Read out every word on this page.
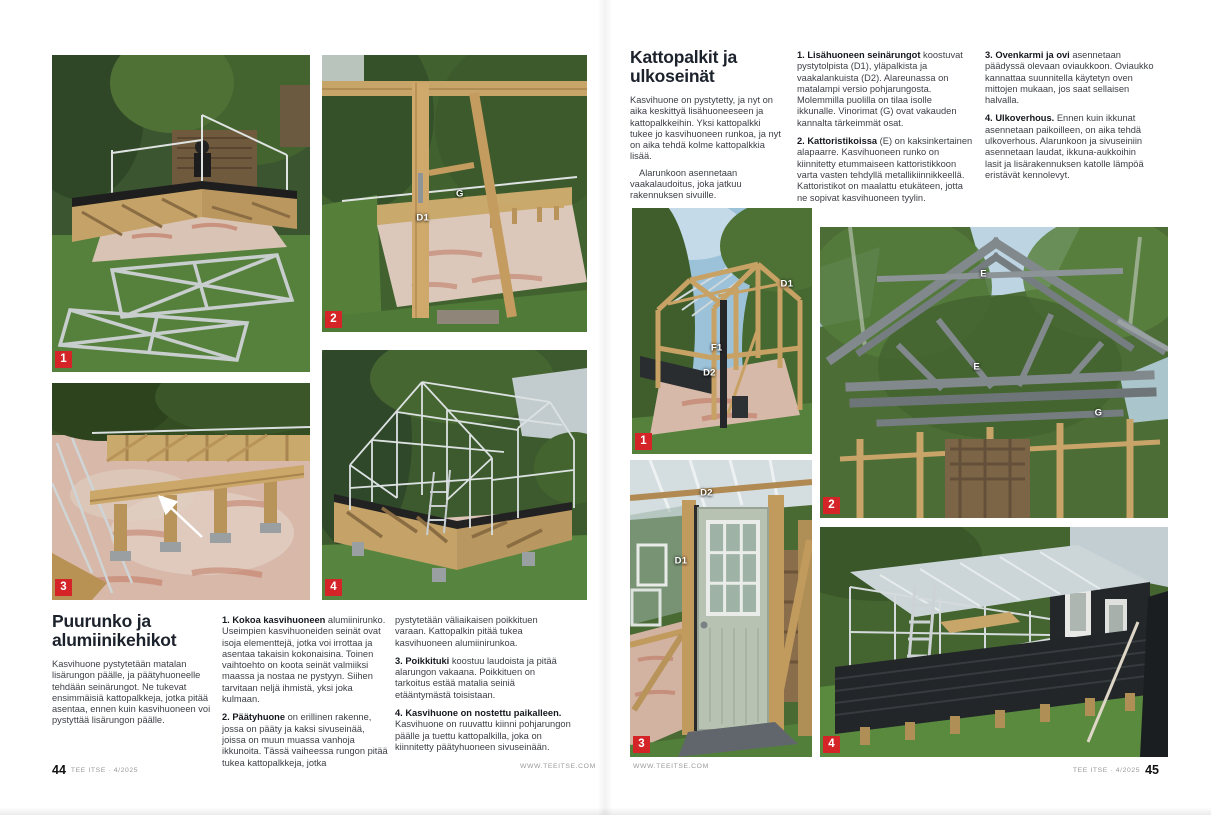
1
G
D1
2
3	4
Puurunko ja
alumiinikehikot

Kasvihuone pystytetään matalan lisärungon päälle, ja päätyhuoneelle tehdään seinärungot. Ne tukevat ensimmäisiä kattopalkkeja, jotka pitää asentaa, ennen kuin kasvihuoneen voi pystyttää lisärungon päälle.

1. Kokoa kasvihuoneen alumiinirunko. Useimpien kasvihuoneiden seinät ovat isoja elementtejä, jotka voi irrottaa ja asentaa takaisin kokonaisina. Toinen vaihtoehto on koota seinät valmiiksi maassa ja nostaa ne pystyyn. Siihen tarvitaan neljä ihmistä, yksi joka kulmaan.

2. Päätyhuone on erillinen rakenne, jossa on pääty ja kaksi sivuseinää, joissa on muun muassa vanhoja ikkunoita. Tässä vaiheessa rungon pitää tukea kattopalkkeja, jotka

pystytetään väliaikaisen poikkituen varaan. Kattopalkin pitää tukea kasvihuoneen alumiinirunkoa.

3. Poikkituki koostuu laudoista ja pitää alarungon vakaana. Poikkituen on tarkoitus estää matalia seiniä etääntymästä toisistaan.

4. Kasvihuone on nostettu paikalleen. Kasvihuone on ruuvattu kiinni pohjarungon päälle ja tuettu kattopalkilla, joka on kiinnitetty päätyhuoneen sivuseinään.

44 TEE ITSE · 4/2025
WWW.TEEITSE.COM
Kattopalkit ja
ulkoseinät

Kasvihuone on pystytetty, ja nyt on aika keskittyä lisähuoneeseen ja kattopalkkeihin. Yksi kattopalkki tukee jo kasvihuoneen runkoa, ja nyt on aika tehdä kolme kattopalkkia lisää.

Alarunkoon asennetaan vaakalaudoitus, joka jatkuu rakennuksen sivuille.

1. Lisähuoneen seinärungot koostuvat pystytolpista (D1), yläpalkista ja vaakalankuista (D2). Alareunassa on matalampi versio pohjarungosta. Molemmilla puolilla on tilaa isolle ikkunalle. Vinorimat (G) ovat vakauden kannalta tärkeimmät osat.

2. Kattoristikoissa (E) on kaksinkertainen alapaarre. Kasvihuoneen runko on kiinnitetty etummaiseen kattoristikkoon varta vasten tehdyllä metallikiinnikkeellä. Kattoristikot on maalattu etukäteen, jotta ne sopivat kasvihuoneen tyylin.

3. Ovenkarmi ja ovi asennetaan päädyssä olevaan oviaukkoon. Oviaukko kannattaa suunnitella käytetyn oven mittojen mukaan, jos saat sellaisen halvalla.

4. Ulkoverhous. Ennen kuin ikkunat asennetaan paikoilleen, on aika tehdä ulkoverhous. Alarunkoon ja sivuseiniin asennetaan laudat, ikkuna-aukkoihin lasit ja lisärakennuksen katolle lämpöä eristävät kennolevyt.

D1
F1
D2
1
E
E
G
2
D2
D1
3	4
WWW.TEEITSE.COM
TEE ITSE · 4/2025 45
